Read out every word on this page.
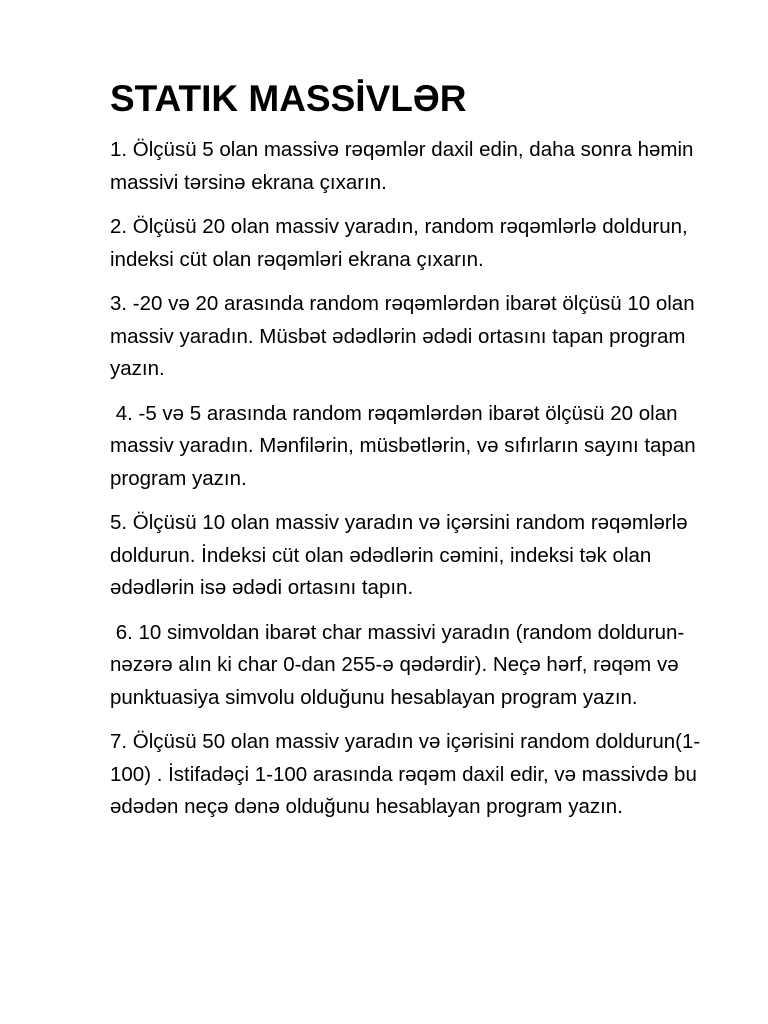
STATIK MASSİVLƏR

1. Ölçüsü 5 olan massivə rəqəmlər daxil edin, daha sonra həmin massivi tərsinə ekrana çıxarın.

2. Ölçüsü 20 olan massiv yaradın, random rəqəmlərlə doldurun, indeksi cüt olan rəqəmləri ekrana çıxarın.

3. -20 və 20 arasında random rəqəmlərdən ibarət ölçüsü 10 olan massiv yaradın. Müsbət ədədlərin ədədi ortasını tapan program yazın.

4. -5 və 5 arasında random rəqəmlərdən ibarət ölçüsü 20 olan massiv yaradın. Mənfilərin, müsbətlərin, və sıfırların sayını tapan program yazın.

5. Ölçüsü 10 olan massiv yaradın və içərsini random rəqəmlərlə doldurun. İndeksi cüt olan ədədlərin cəmini, indeksi tək olan ədədlərin isə ədədi ortasını tapın.

6. 10 simvoldan ibarət char massivi yaradın (random doldurun- nəzərə alın ki char 0-dan 255-ə qədərdir). Neçə hərf, rəqəm və punktuasiya simvolu olduğunu hesablayan program yazın.

7. Ölçüsü 50 olan massiv yaradın və içərisini random doldurun(1-100) . İstifadəçi 1-100 arasında rəqəm daxil edir, və massivdə bu ədədən neçə dənə olduğunu hesablayan program yazın.
